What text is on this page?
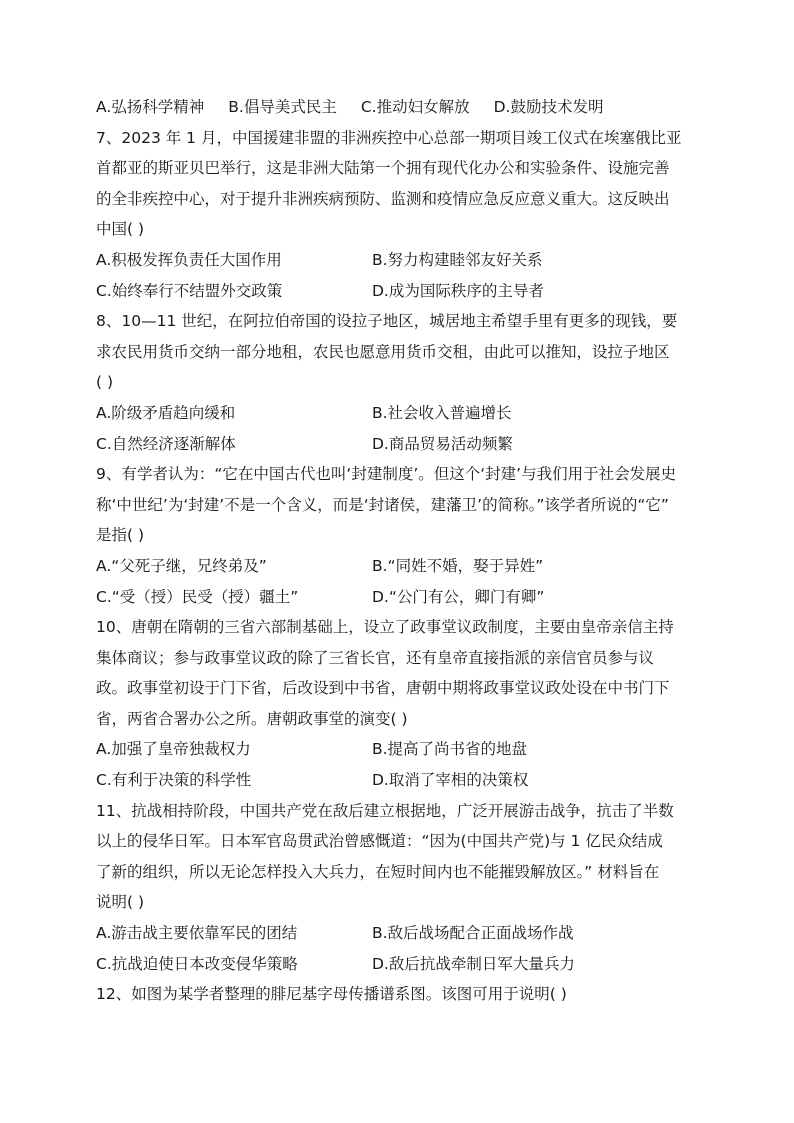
A.弘扬科学精神 B.倡导美式民主 C.推动妇女解放 D.鼓励技术发明
7、2023 年 1 月，中国援建非盟的非洲疾控中心总部一期项目竣工仪式在埃塞俄比亚
首都亚的斯亚贝巴举行，这是非洲大陆第一个拥有现代化办公和实验条件、设施完善
的全非疾控中心，对于提升非洲疾病预防、监测和疫情应急反应意义重大。这反映出
中国( )
A.积极发挥负责任大国作用	B.努力构建睦邻友好关系
C.始终奉行不结盟外交政策	D.成为国际秩序的主导者
8、10—11 世纪，在阿拉伯帝国的设拉子地区，城居地主希望手里有更多的现钱，要
求农民用货币交纳一部分地租，农民也愿意用货币交租，由此可以推知，设拉子地区
( )
A.阶级矛盾趋向缓和	B.社会收入普遍增长
C.自然经济逐渐解体	D.商品贸易活动频繁
9、有学者认为：“它在中国古代也叫‘封建制度’。但这个‘封建’与我们用于社会发展史
称‘中世纪’为‘封建’不是一个含义，而是‘封诸侯，建藩卫’的简称。”该学者所说的“它”
是指( )
A.“父死子继，兄终弟及”	B.“同姓不婚，娶于异姓”
C.“受（授）民受（授）疆土”	D.“公门有公，卿门有卿”
10、唐朝在隋朝的三省六部制基础上，设立了政事堂议政制度，主要由皇帝亲信主持
集体商议；参与政事堂议政的除了三省长官，还有皇帝直接指派的亲信官员参与议
政。政事堂初设于门下省，后改设到中书省，唐朝中期将政事堂议政处设在中书门下
省，两省合署办公之所。唐朝政事堂的演变( )
A.加强了皇帝独裁权力	B.提高了尚书省的地盘
C.有利于决策的科学性	D.取消了宰相的决策权
11、抗战相持阶段，中国共产党在敌后建立根据地，广泛开展游击战争，抗击了半数
以上的侵华日军。日本军官岛贯武治曾感慨道：“因为(中国共产党)与 1 亿民众结成
了新的组织，所以无论怎样投入大兵力，在短时间内也不能摧毁解放区。” 材料旨在
说明( )
A.游击战主要依靠军民的团结	B.敌后战场配合正面战场作战
C.抗战迫使日本改变侵华策略	D.敌后抗战牵制日军大量兵力
12、如图为某学者整理的腓尼基字母传播谱系图。该图可用于说明( )
